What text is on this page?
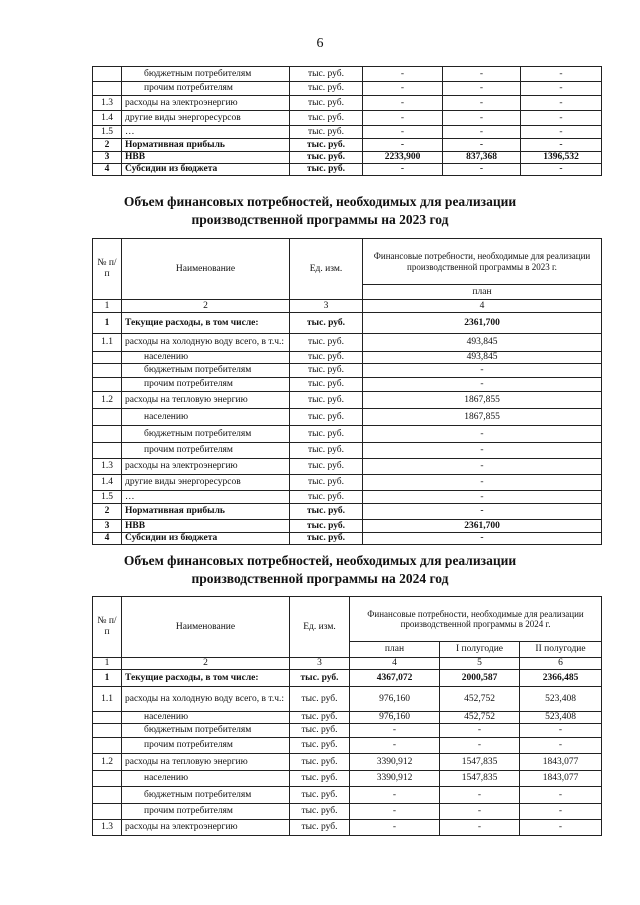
6
	бюджетным потребителям	тыс. руб.	-	-	-
	прочим потребителям	тыс. руб.	-	-	-
1.3	расходы на электроэнергию	тыс. руб.	-	-	-
1.4	другие виды энергоресурсов	тыс. руб.	-	-	-
1.5	…	тыс. руб.	-	-	-
2	Нормативная прибыль	тыс. руб.	-	-	-
3	НВВ	тыс. руб.	2233,900	837,368	1396,532
4	Субсидии из бюджета	тыс. руб.	-	-	-
Объем финансовых потребностей, необходимых для реализации
производственной программы на 2023 год
№ п/п	Наименование	Ед. изм.	Финансовые потребности, необходимые для реализации производственной программы в 2023 г.
			план
1	2	3	4
1	Текущие расходы, в том числе:	тыс. руб.	2361,700
1.1	расходы на холодную воду всего, в т.ч.:	тыс. руб.	493,845
	населению	тыс. руб.	493,845
	бюджетным потребителям	тыс. руб.	-
	прочим потребителям	тыс. руб.	-
1.2	расходы на тепловую энергию	тыс. руб.	1867,855
	населению	тыс. руб.	1867,855
	бюджетным потребителям	тыс. руб.	-
	прочим потребителям	тыс. руб.	-
1.3	расходы на электроэнергию	тыс. руб.	-
1.4	другие виды энергоресурсов	тыс. руб.	-
1.5	…	тыс. руб.	-
2	Нормативная прибыль	тыс. руб.	-
3	НВВ	тыс. руб.	2361,700
4	Субсидии из бюджета	тыс. руб.	-
Объем финансовых потребностей, необходимых для реализации
производственной программы на 2024 год
№ п/п	Наименование	Ед. изм.	Финансовые потребности, необходимые для реализации производственной программы в 2024 г.		
			план	I полугодие	II полугодие
1	2	3	4	5	6
1	Текущие расходы, в том числе:	тыс. руб.	4367,072	2000,587	2366,485
1.1	расходы на холодную воду всего, в т.ч.:	тыс. руб.	976,160	452,752	523,408
	населению	тыс. руб.	976,160	452,752	523,408
	бюджетным потребителям	тыс. руб.	-	-	-
	прочим потребителям	тыс. руб.	-	-	-
1.2	расходы на тепловую энергию	тыс. руб.	3390,912	1547,835	1843,077
	населению	тыс. руб.	3390,912	1547,835	1843,077
	бюджетным потребителям	тыс. руб.	-	-	-
	прочим потребителям	тыс. руб.	-	-	-
1.3	расходы на электроэнергию	тыс. руб.	-	-	-
